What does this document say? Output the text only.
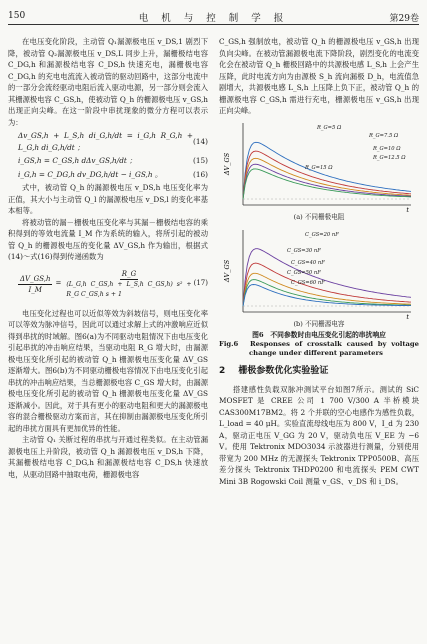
150	电 机 与 控 制 学 报	第29卷

在电压变化阶段，主动管 Q₁漏源极电压 v_DS,1 剧烈下降，被动管 Q₂漏源极电压 v_DS,L 同步上升，漏栅极结电容 C_DG,h 和漏源极结电容 C_DS,h 快速充电，漏栅极电容 C_DG,h 的充电电流流入被动管的驱动回路中，这部分电流中的一部分会流经驱动电阻后流入驱动电源，另一部分则会流入其栅源极电容 C_GS,h，使被动管 Q_h 的栅源极电压 v_GS,h 出现正向尖峰。在这一阶段中串扰现象的微分方程可以表示为：

Δv_GS,h + L_S,h di_G,h/dt = i_G,h R_G,h + L_G,h di_G,h/dt ；
(14)
i_GS,h = C_GS,h dΔv_GS,h/dt ；	(15)
i_G,h = C_DG,h dv_DG,h/dt − i_GS,h 。	(16)

式中，被动管 Q_h 的漏源极电压 v_DS,h 电压变化率为正值，其大小与主动管 Q_l 的漏源极电压 v_DS,l 的变化率基本相等。

将被动管的漏－栅极电压变化率与其漏－栅极结电容的乘积得到的等效电流量 I_M 作为系统的输入，将所引起的被动管 Q_h 的栅源极电压的变化量 ΔV_GS,h 作为输出，根据式(14)～式(16)得到传递函数为

$\frac{\Delta V\_GS,h}{I\_M} = \frac{R\_G}{\text{(L\_G,h C\_GS,h + L\_S,h C\_GS,h) s² + R\_G C\_GS,h s + 1}} (17)$

电压变化过程也可以近似等效为斜坡信号，则电压变化率可以等效为脉冲信号，因此可以通过求解上式的冲激响应近似得到串扰的时域解。图6(a)为不同驱动电阻情况下由电压变化引起串扰的冲击响应结果，当驱动电阻 R_G 增大时，由漏源极电压变化所引起的被动管 Q_h 栅源极电压变化量 ΔV_GS 逐渐增大。图6(b)为不同驱动栅极电容情况下由电压变化引起串扰的冲击响应结果，当总栅源极电容 C_GS 增大时，由漏源极电压变化所引起的被动管 Q_h 栅源极电压变化量 ΔV_GS 逐渐减小。因此，对于具有更小的驱动电阻和更大的漏源极电容的混合栅极驱动方案而言，其在抑制由漏源极电压变化所引起的串扰方面具有更加优异的性能。

主动管 Q₁ 关断过程的串扰与开通过程类似。在主动管漏源极电压上升阶段，被动管 Q_h 漏源极电压 v_DS,h 下降，其漏栅极结电容 C_DG,h 和漏源极结电容 C_DS,h 快速放电，从驱动回路中抽取电荷，栅源极电容

C_GS,h 强制放电，被动管 Q_h 的栅源极电压 v_GS,h 出现负向尖峰。在被动管漏源极电流下降阶段，剧烈变化的电流变化会在被动管 Q_h 栅极回路中的共源极电感 L_S,h 上会产生压降，此时电流方向为由源极 S_h 流向漏极 D_h，电流值急剧增大，共源极电感 L_S,h 上压降上负下正，被动管 Q_h 的栅源极电容 C_GS,h 需进行充电，栅源极电压 v_GS,h 出现正向尖峰。

ΔV_GS
t
R_G=5 Ω
R_G=7.5 Ω
R_G=10 Ω
R_G=12.5 Ω
R_G=15 Ω
(a) 不同栅极电阻
ΔV_GS
t
C_GS=20 nF
C_GS=30 nF
C_GS=40 nF
C_GS=50 nF
C_GS=60 nF
(b) 不同栅源电容
图6　不同参数时由电压变化引起的串扰响应
Fig.6　Responses of crosstalk caused by voltage change under different parameters
2 栅极参数优化实验验证

搭建感性负载双脉冲测试平台如图7所示。测试的 SiC MOSFET 是 CREE 公司 1 700 V/300 A 半桥模块 CAS300M17BM2。将 2 个并联的空心电感作为感性负载，L_load = 40 μH。实验直流母线电压为 800 V，I_d 为 230 A，驱动正电压 V_GG 为 20 V，驱动负电压 V_EE 为 −6 V。使用 Tektronix MDO3034 示波器进行测量，分别使用带宽为 200 MHz 的无源探头 Tektronix TPP0500B、高压差分探头 Tektronix THDP0200 和电流探头 PEM CWT Mini 3B Rogowski Coil 测量 v_GS、v_DS 和 i_DS。
